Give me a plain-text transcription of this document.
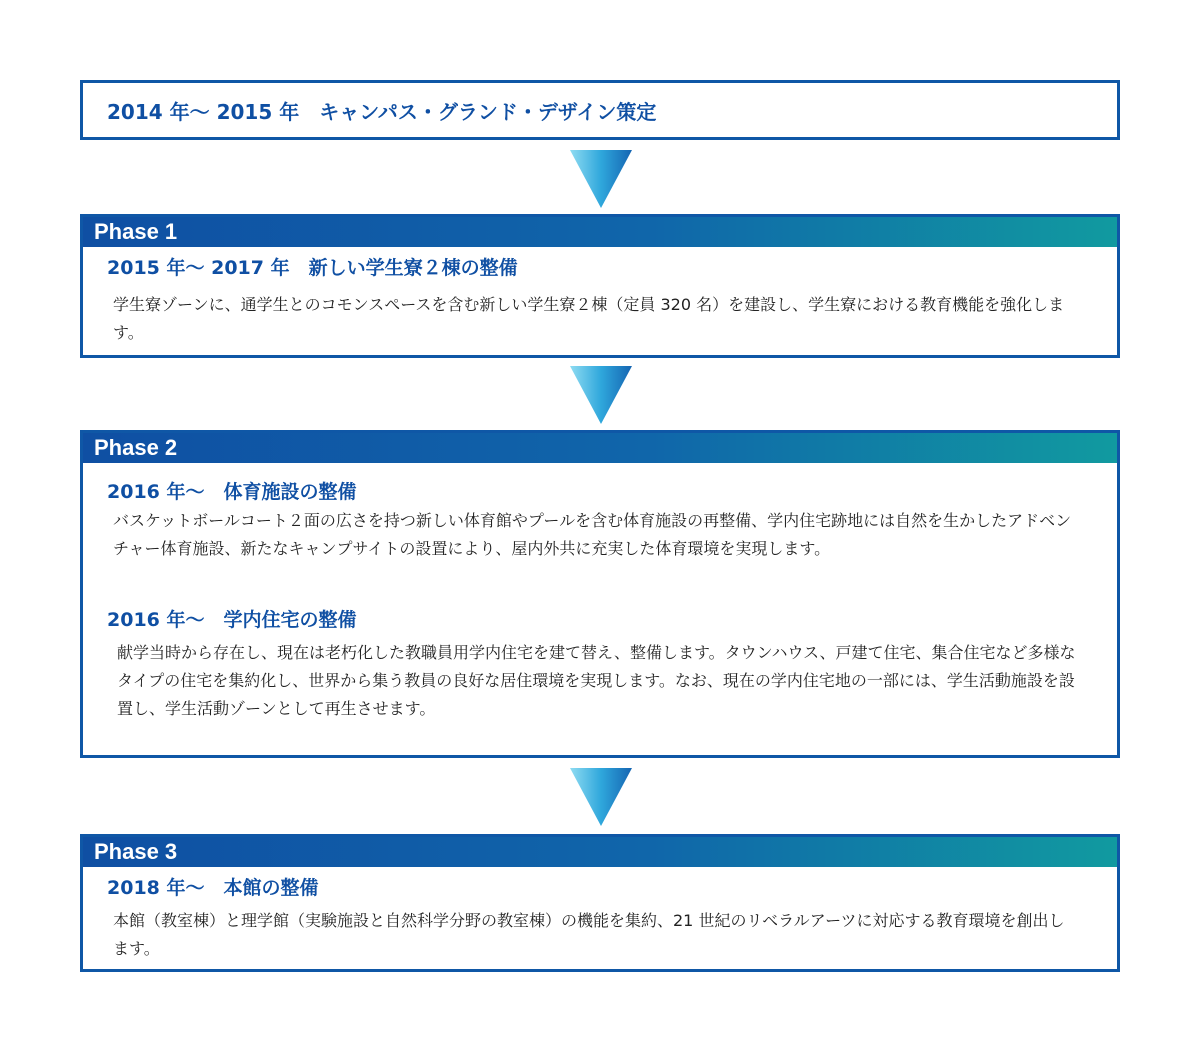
2014 年～ 2015 年　キャンパス・グランド・デザイン策定
Phase 1
2015 年～ 2017 年　新しい学生寮２棟の整備
学生寮ゾーンに、通学生とのコモンスペースを含む新しい学生寮２棟（定員 320 名）を建設し、学生寮における教育機能を強化します。
Phase 2
2016 年～　体育施設の整備
バスケットボールコート２面の広さを持つ新しい体育館やプールを含む体育施設の再整備、学内住宅跡地には自然を生かしたアドベンチャー体育施設、新たなキャンプサイトの設置により、屋内外共に充実した体育環境を実現します。
2016 年～　学内住宅の整備
献学当時から存在し、現在は老朽化した教職員用学内住宅を建て替え、整備します。タウンハウス、戸建て住宅、集合住宅など多様なタイプの住宅を集約化し、世界から集う教員の良好な居住環境を実現します。なお、現在の学内住宅地の一部には、学生活動施設を設置し、学生活動ゾーンとして再生させます。
Phase 3
2018 年～　本館の整備
本館（教室棟）と理学館（実験施設と自然科学分野の教室棟）の機能を集約、21 世紀のリベラルアーツに対応する教育環境を創出します。
